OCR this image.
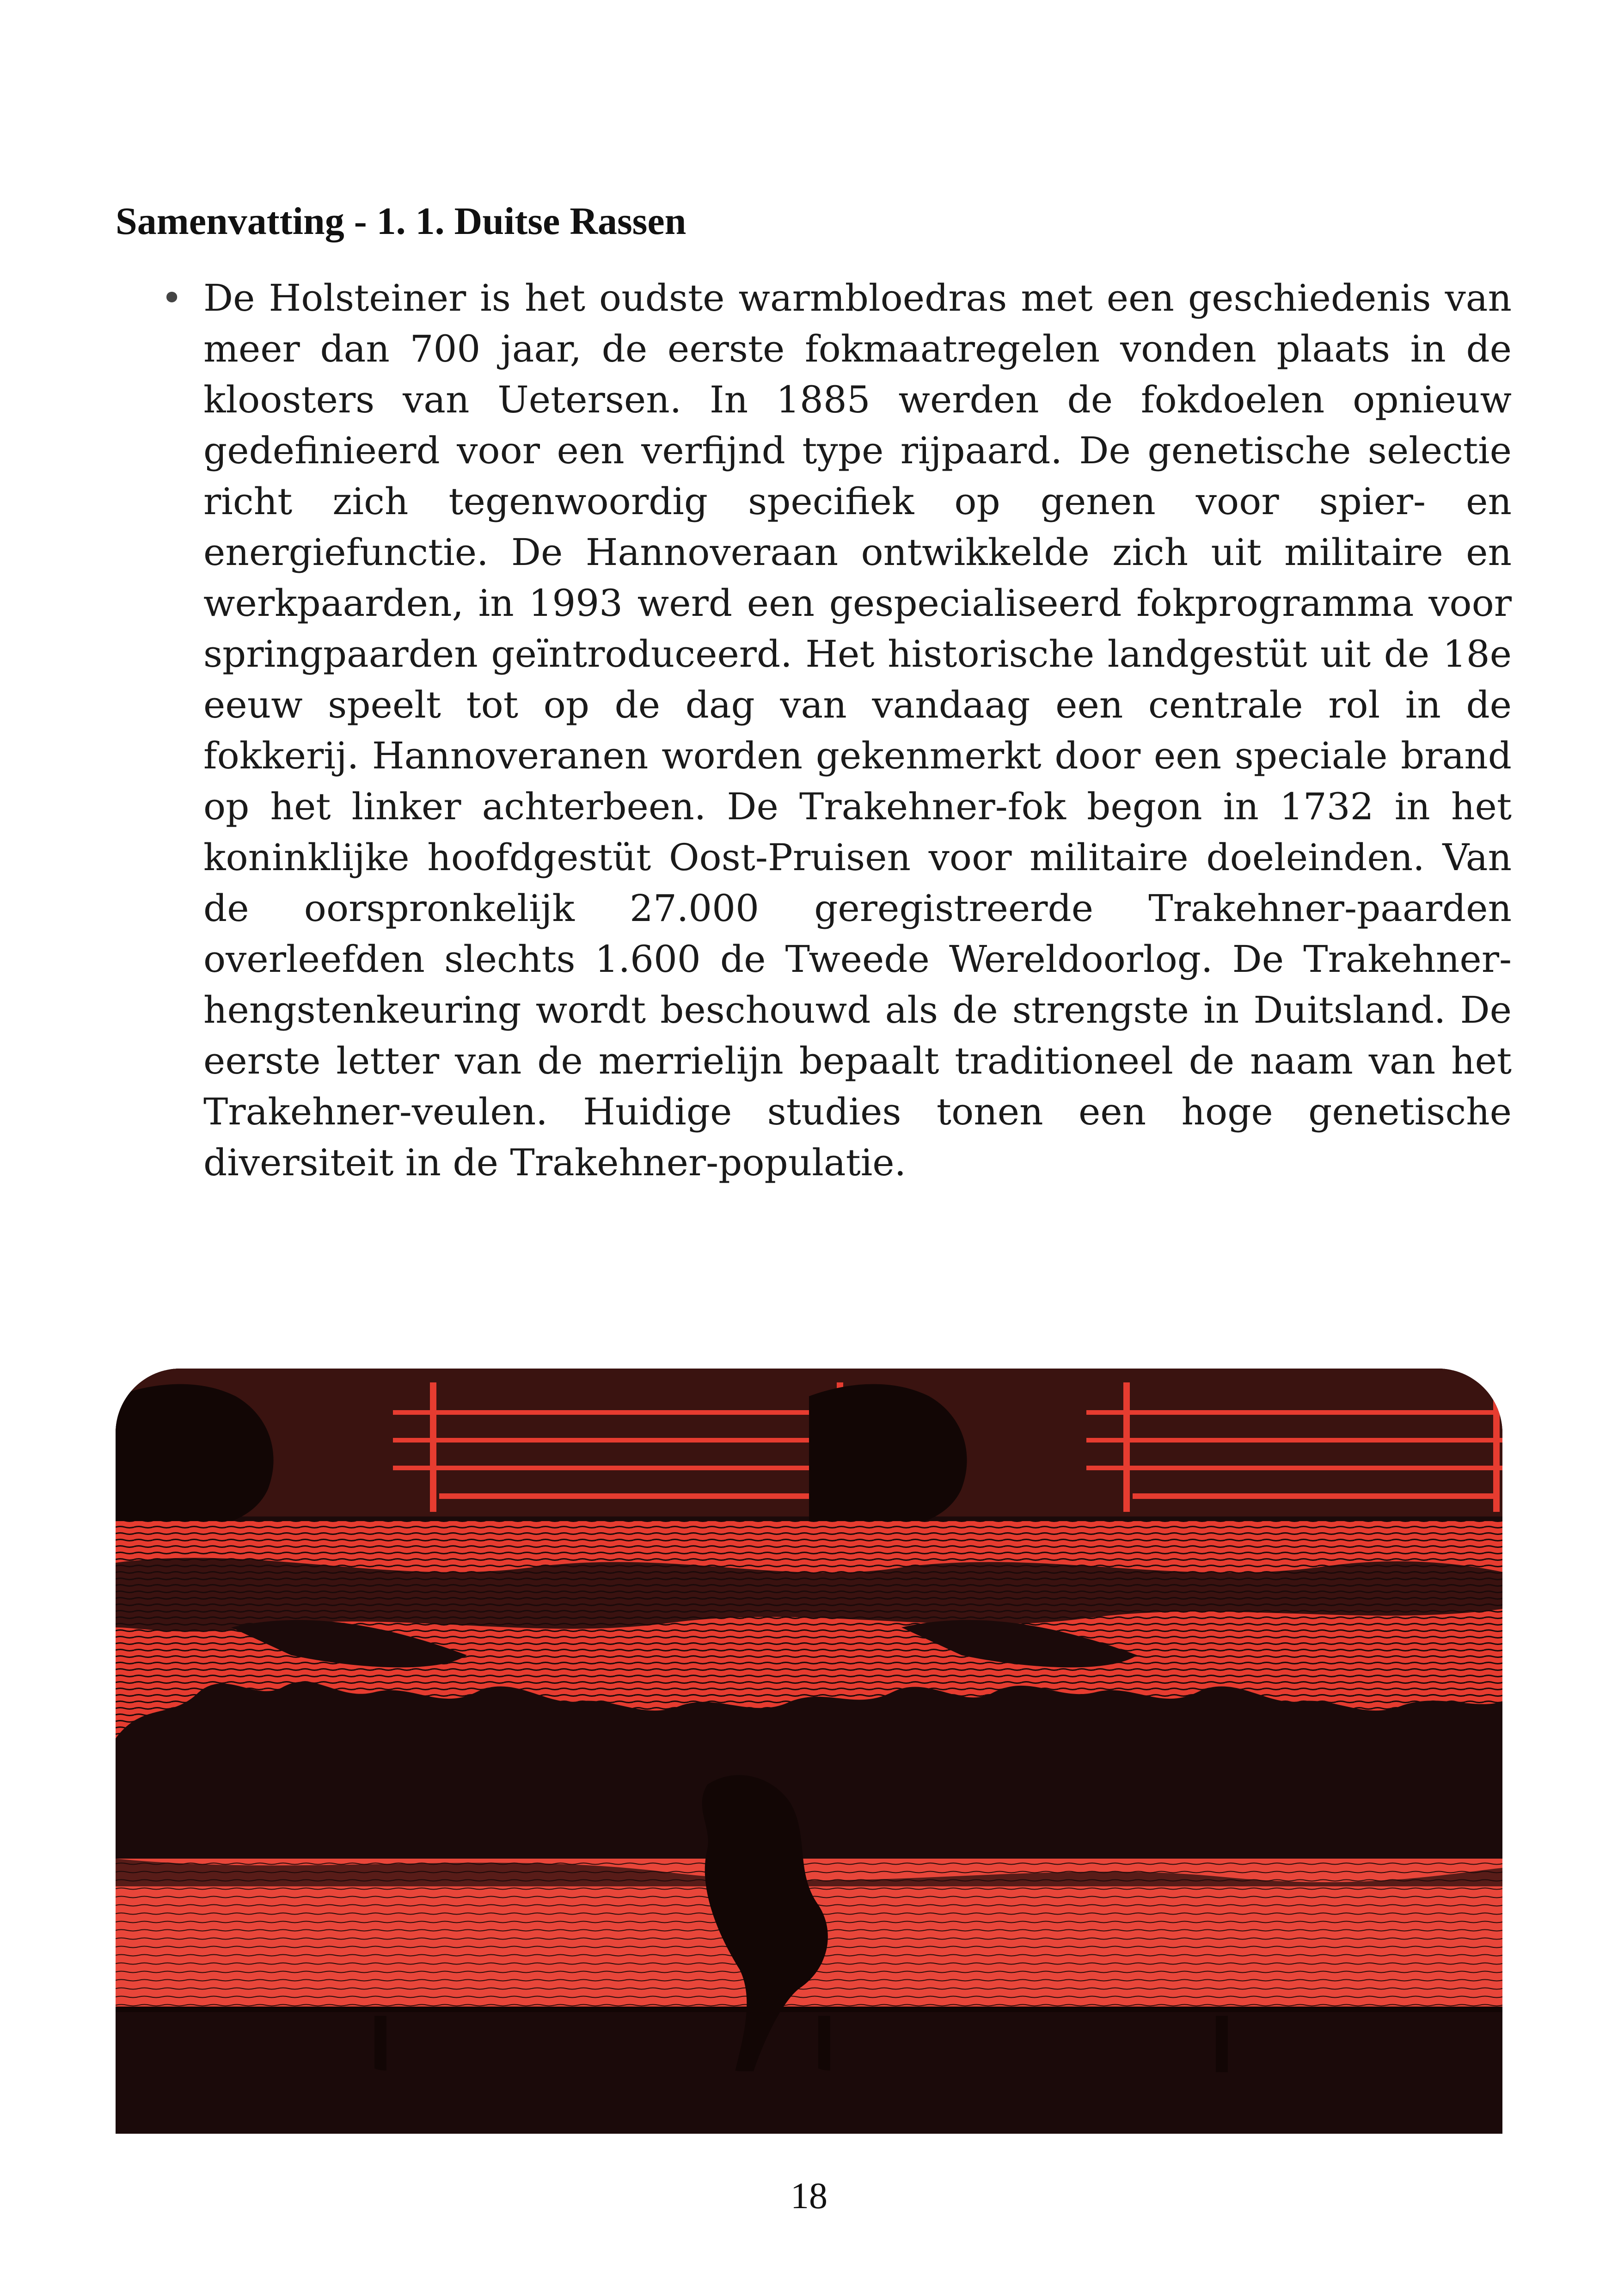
Samenvatting - 1. 1. Duitse Rassen
• De Holsteiner is het oudste warmbloedras met een geschiedenis van meer dan 700 jaar, de eerste fokmaatregelen vonden plaats in de kloosters van Uetersen. In 1885 werden de fokdoelen opnieuw gedefinieerd voor een verfijnd type rijpaard. De genetische selectie richt zich tegenwoordig specifiek op genen voor spier- en energiefunctie. De Hannoveraan ontwikkelde zich uit militaire en werkpaarden, in 1993 werd een gespecialiseerd fokprogramma voor springpaarden geïntroduceerd. Het historische landgestüt uit de 18e eeuw speelt tot op de dag van vandaag een centrale rol in de fokkerij. Hannoveranen worden gekenmerkt door een speciale brand op het linker achterbeen. De Trakehner-fok begon in 1732 in het koninklijke hoofdgestüt Oost-Pruisen voor militaire doeleinden. Van de oorspronkelijk 27.000 geregistreerde Trakehner-paarden overleefden slechts 1.600 de Tweede Wereldoorlog. De Trakehner-hengstenkeuring wordt beschouwd als de strengste in Duitsland. De eerste letter van de merrielijn bepaalt traditioneel de naam van het Trakehner-veulen. Huidige studies tonen een hoge genetische diversiteit in de Trakehner-populatie.
18
